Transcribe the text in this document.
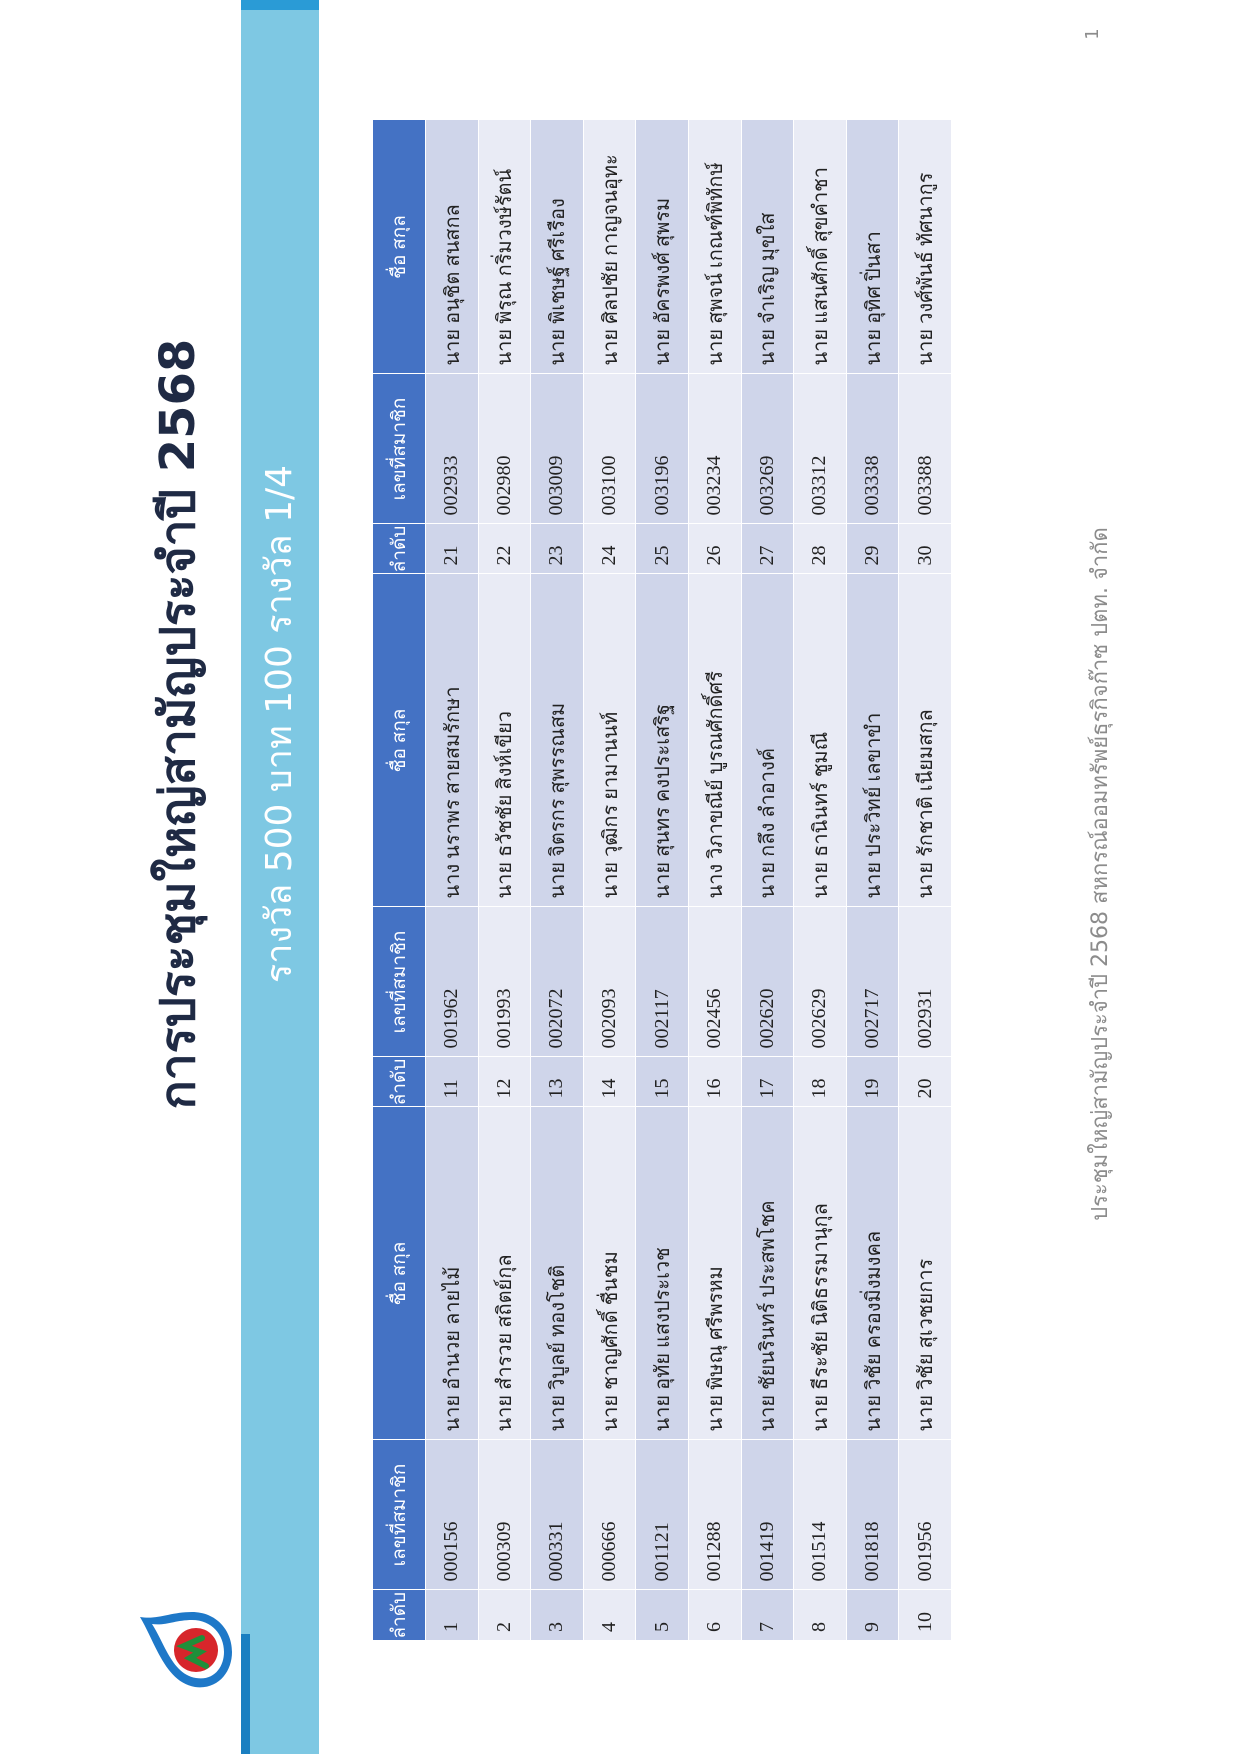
การประชุมใหญ่สามัญประจำปี 2568 รางวัล 500 บาท 100 รางวัล 1/4
ลำดับ	เลขที่สมาชิก	ชื่อ สกุล	ลำดับ	เลขที่สมาชิก	ชื่อ สกุล	ลำดับ	เลขที่สมาชิก	ชื่อ สกุล
1	000156	นาย อำนวย ลายไม้	11	001962	นาง นราพร สายสมรักษา	21	002933	นาย อนุชิต สนสกล
2	000309	นาย สำรวย สถิตย์กุล	12	001993	นาย ธวัชชัย สิงห์เขียว	22	002980	นาย พิรุณ กริ่มวงษ์รัตน์
3	000331	นาย วิบูลย์ ทองโชติ	13	002072	นาย จิตรกร สุพรรณสม	23	003009	นาย พิเชษฐ์ ศรีเรือง
4	000666	นาย ชาญศักดิ์ ชื่นชม	14	002093	นาย วุฒิกร ยามานนท์	24	003100	นาย ศิลปชัย กาญจนอุทะ
5	001121	นาย อุทัย แสงประเวช	15	002117	นาย สุนทร คงประเสริฐ	25	003196	นาย อัครพงศ์ สุพรม
6	001288	นาย พิษณุ ศรีพรหม	16	002456	นาง วิภาขณีย์ บูรณศักดิ์ศรี	26	003234	นาย สุพจน์ เกณฑ์พิทักษ์
7	001419	นาย ชัยนรินทร์ ประสพโชค	17	002620	นาย กลึง ลำอางค์	27	003269	นาย จำเริญ มุขใส
8	001514	นาย ธีระชัย นิติธรรมานุกุล	18	002629	นาย ธานินทร์ ชูมณี	28	003312	นาย แสนศักดิ์ สุขคำชา
9	001818	นาย วิชัย ครองมิ่งมงคล	19	002717	นาย ประวิทย์ เลขาขำ	29	003338	นาย อุทิศ ปิ่นสา
10	001956	นาย วิชัย สุเวชยการ	20	002931	นาย รักชาติ เนียมสกุล	30	003388	นาย วงศ์พันธ์ ทัศนากูร
ประชุมใหญ่สามัญประจำปี 2568 สหกรณ์ออมทรัพย์ธุรกิจก๊าซ ปตท. จำกัด
1
